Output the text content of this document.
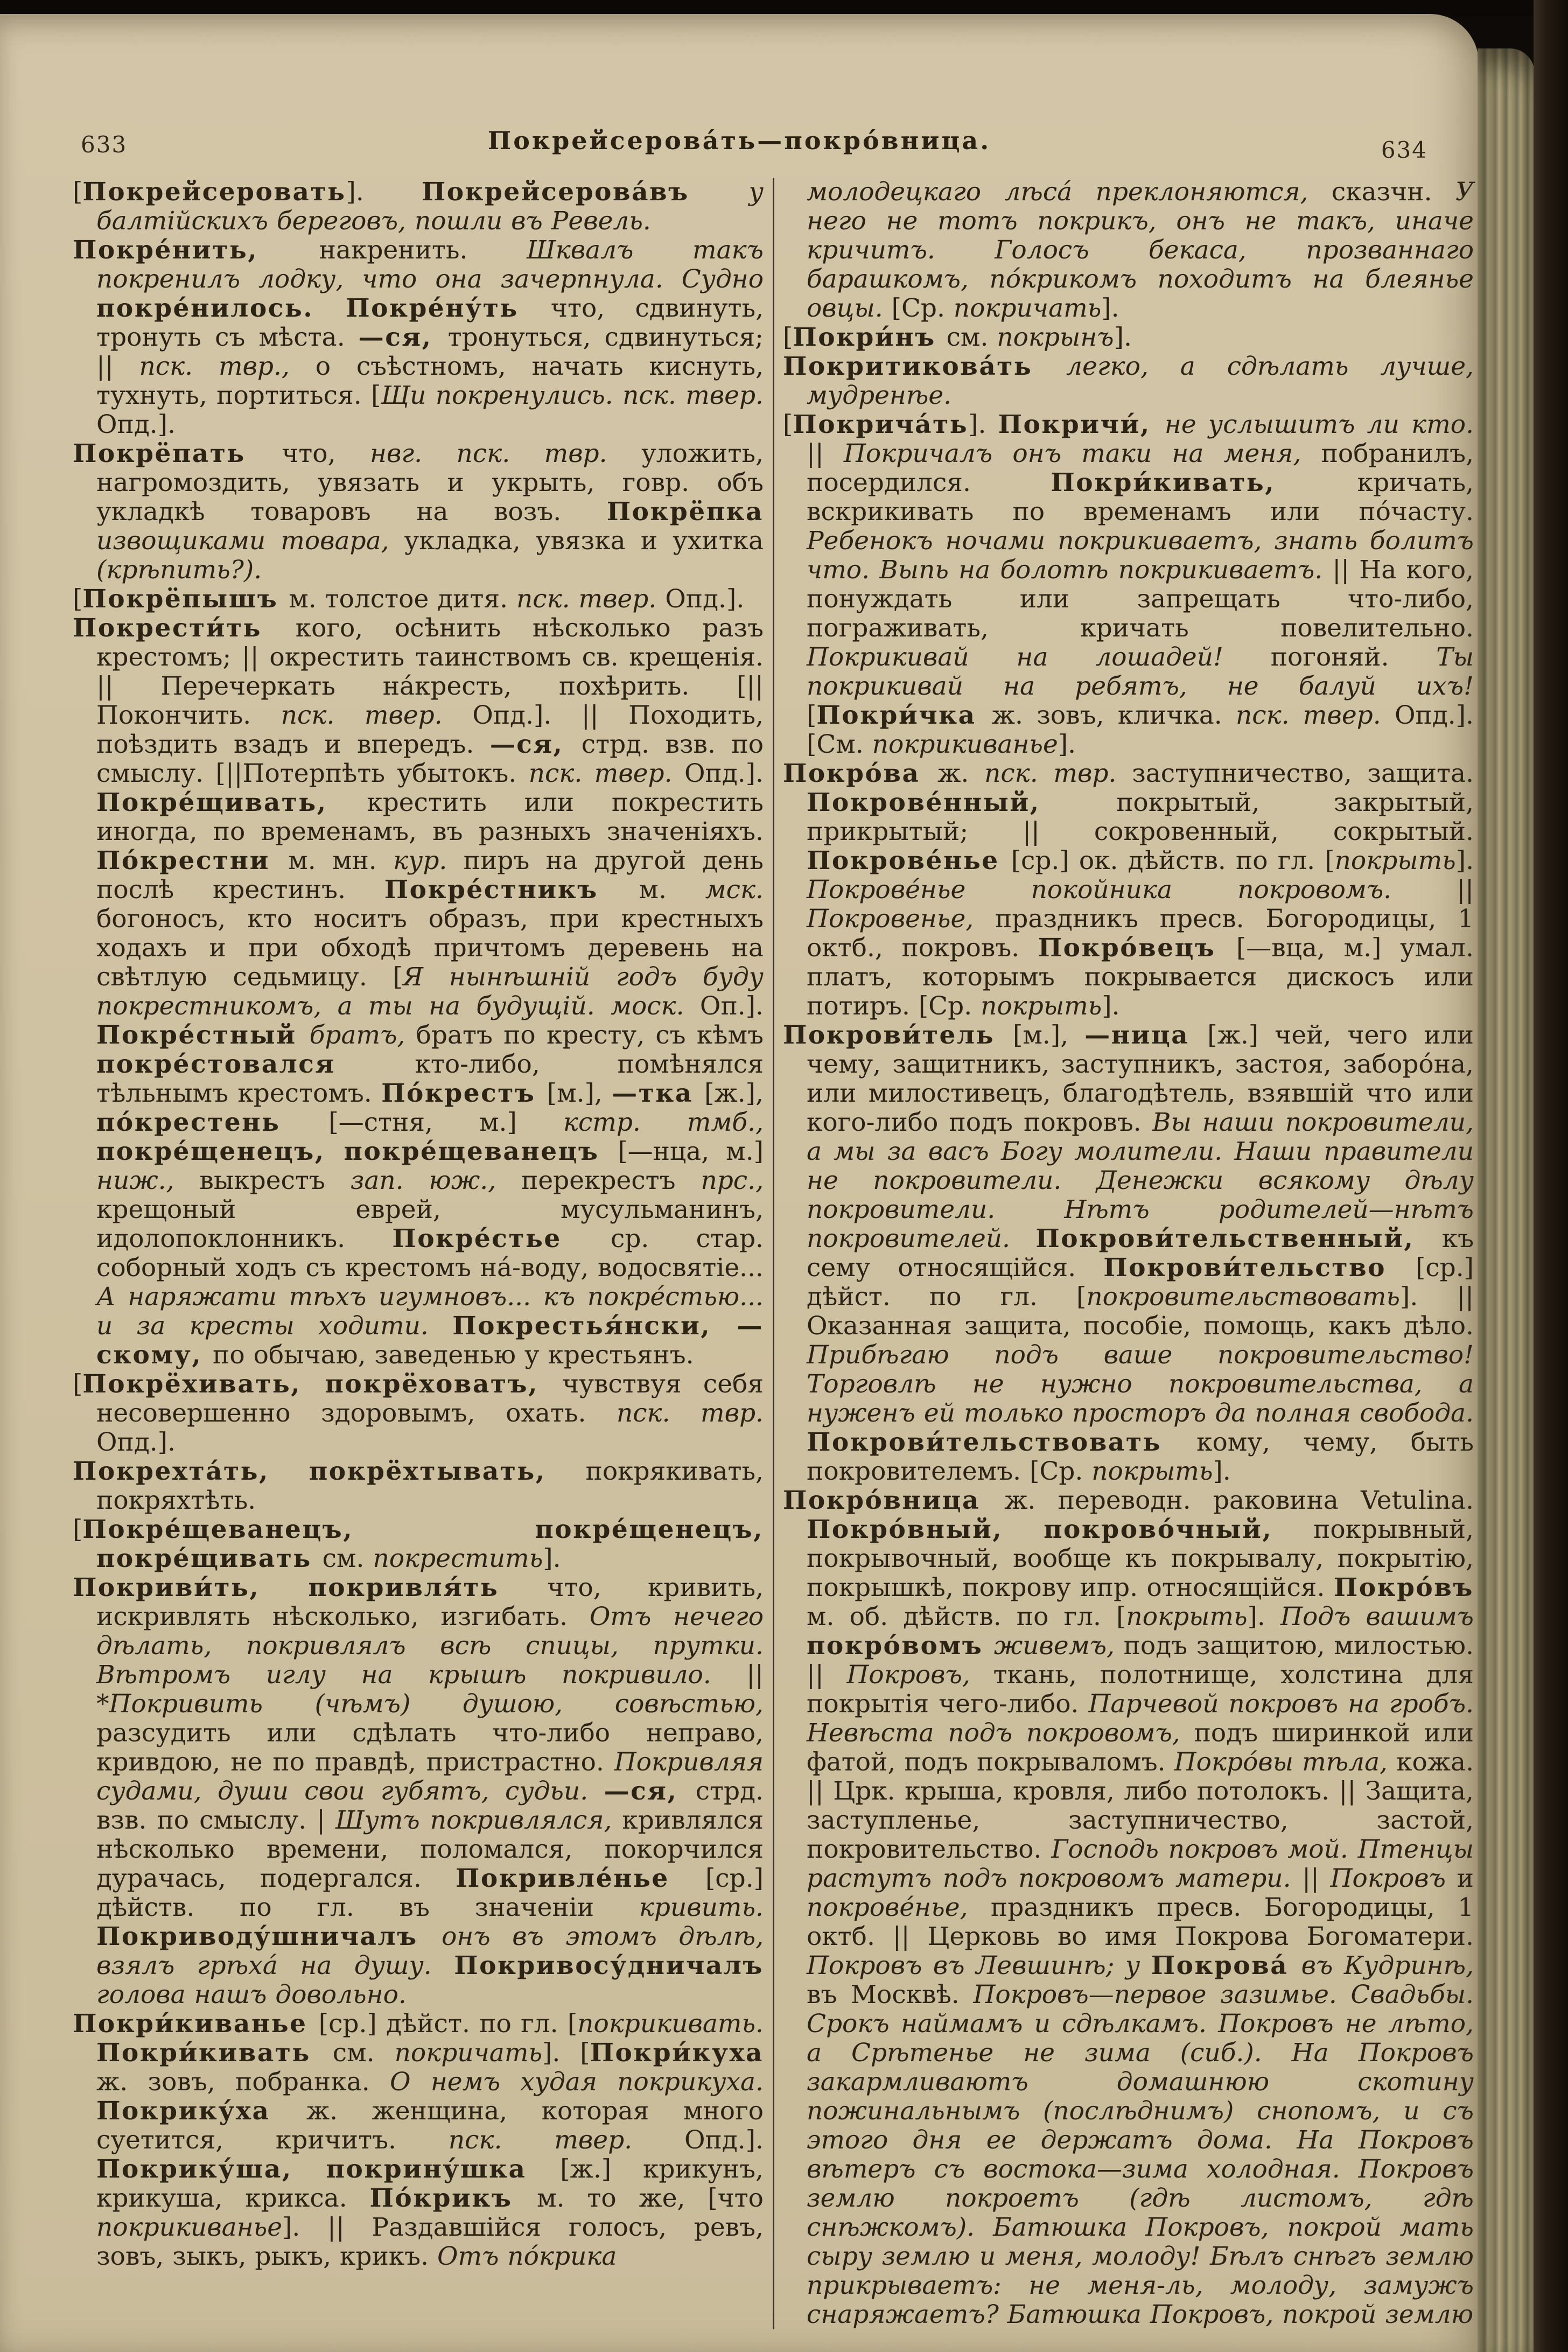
633	Покрейсерова́ть—покро́вница.	634

[Покрейсеровать]. Покрейсерова́въ у балтійскихъ береговъ, пошли въ Ревель.

Покре́нить, накренить. Шквалъ такъ покренилъ лодку, что она зачерпнула. Судно покре́нилось. Покре́ну́ть что, сдвинуть, тронуть съ мѣста. —ся, тронуться, сдвинуться; || пск. твр., о съѣстномъ, начать киснуть, тухнуть, портиться. [Щи покренулись. пск. твер. Опд.].

Покрёпать что, нвг. пск. твр. уложить, нагромоздить, увязать и укрыть, говр. объ укладкѣ товаровъ на возъ. Покрёпка извощиками товара, укладка, увязка и ухитка (крѣпить?).

[Покрёпышъ м. толстое дитя. пск. твер. Опд.].

Покрести́ть кого, осѣнить нѣсколько разъ крестомъ; || окрестить таинствомъ св. крещенія. || Перечеркать на́кресть, похѣрить. [||Покончить. пск. твер. Опд.]. || Походить, поѣздить взадъ и впередъ. —ся, стрд. взв. по смыслу. [||Потерпѣть убытокъ. пск. твер. Опд.]. Покре́щивать, крестить или покрестить иногда, по временамъ, въ разныхъ значеніяхъ. По́крестни м. мн. кур. пиръ на другой день послѣ крестинъ. Покре́стникъ м. мск. богоносъ, кто носитъ образъ, при крестныхъ ходахъ и при обходѣ причтомъ деревень на свѣтлую седьмицу. [Я нынѣшній годъ буду покрестникомъ, а ты на будущій. моск. Оп.]. Покре́стный братъ, братъ по кресту, съ кѣмъ покре́стовался кто-либо, помѣнялся тѣльнымъ крестомъ. По́крестъ [м.], —тка [ж.], по́крестень [—стня, м.] кстр. тмб., покре́щенецъ, покре́щеванецъ [—нца, м.] ниж., выкрестъ зап. юж., перекрестъ прс., крещоный еврей, мусульманинъ, идолопоклонникъ. Покре́стье ср. стар. соборный ходъ съ крестомъ на́-воду, водосвятіе... А наряжати тѣхъ игумновъ... къ покре́стью... и за кресты ходити. Покрестья́нски, —скому, по обычаю, заведенью у крестьянъ.

[Покрёхивать, покрёховатъ, чувствуя себя несовершенно здоровымъ, охать. пск. твр. Опд.].

Покрехта́ть, покрёхтывать, покрякивать, покряхтѣть.

[Покре́щеванецъ, покре́щенецъ, покре́щивать см. покрестить].

Покриви́ть, покривля́ть что, кривить, искривлять нѣсколько, изгибать. Отъ нечего дѣлать, покривлялъ всѣ спицы, прутки. Вѣтромъ иглу на крышѣ покривило. || *Покривить (чѣмъ) душою, совѣстью, разсудить или сдѣлать что-либо неправо, кривдою, не по правдѣ, пристрастно. Покривляя судами, души свои губятъ, судьи. —ся, стрд. взв. по смыслу. | Шутъ покривлялся, кривлялся нѣсколько времени, поломался, покорчился дурачась, подергался. Покривле́нье [ср.] дѣйств. по гл. въ значеніи кривить. Покриводу́шничалъ онъ въ этомъ дѣлѣ, взялъ грѣха́ на душу. Покривосу́дничалъ голова нашъ довольно.

Покри́киванье [ср.] дѣйст. по гл. [покрикивать. Покри́кивать см. покричать]. [Покри́куха ж. зовъ, побранка. О немъ худая покрикуха. Покрику́ха ж. женщина, которая много суетится, кричитъ. пск. твер. Опд.]. Покрику́ша, покрину́шка [ж.] крикунъ, крикуша, крикса. По́крикъ м. то же, [что покрикиванье]. || Раздавшійся голосъ, ревъ, зовъ, зыкъ, рыкъ, крикъ. Отъ по́крика

молодецкаго лѣса́ преклоняются, сказчн. У него не тотъ покрикъ, онъ не такъ, иначе кричитъ. Голосъ бекаса, прозваннаго барашкомъ, по́крикомъ походитъ на блеянье овцы. [Ср. покричать].

[Покри́нъ см. покрынъ].

Покритикова́ть легко, а сдѣлать лучше, мудренѣе.

[Покрича́ть]. Покричи́, не услышитъ ли кто. || Покричалъ онъ таки на меня, побранилъ, посердился. Покри́кивать, кричать, вскрикивать по временамъ или по́часту. Ребенокъ ночами покрикиваетъ, знать болитъ что. Выпь на болотѣ покрикиваетъ. || На кого, понуждать или запрещать что-либо, пограживать, кричать повелительно. Покрикивай на лошадей! погоняй. Ты покрикивай на ребятъ, не балуй ихъ! [Покри́чка ж. зовъ, кличка. пск. твер. Опд.]. [См. покрикиванье].

Покро́ва ж. пск. твр. заступничество, защита. Покрове́нный, покрытый, закрытый, прикрытый; || сокровенный, сокрытый. Покрове́нье [ср.] ок. дѣйств. по гл. [покрыть]. Покрове́нье покойника покровомъ. || Покровенье, праздникъ пресв. Богородицы, 1 октб., покровъ. Покро́вецъ [—вца, м.] умал. платъ, которымъ покрывается дискосъ или потиръ. [Ср. покрыть].

Покрови́тель [м.], —ница [ж.] чей, чего или чему, защитникъ, заступникъ, застоя, заборо́на, или милостивецъ, благодѣтель, взявшій что или кого-либо подъ покровъ. Вы наши покровители, а мы за васъ Богу молители. Наши правители не покровители. Денежки всякому дѣлу покровители. Нѣтъ родителей—нѣтъ покровителей. Покрови́тельственный, къ сему относящійся. Покрови́тельство [ср.] дѣйст. по гл. [покровительствовать]. || Оказанная защита, пособіе, помощь, какъ дѣло. Прибѣгаю подъ ваше покровительство! Торговлѣ не нужно покровительства, а нуженъ ей только просторъ да полная свобода. Покрови́тельствовать кому, чему, быть покровителемъ. [Ср. покрыть].

Покро́вница ж. переводн. раковина Vetulina. Покро́вный, покрово́чный, покрывный, покрывочный, вообще къ покрывалу, покрытію, покрышкѣ, покрову ипр. относящійся. Покро́въ м. об. дѣйств. по гл. [покрыть]. Подъ вашимъ покро́вомъ живемъ, подъ защитою, милостью. || Покровъ, ткань, полотнище, холстина для покрытія чего-либо. Парчевой покровъ на гробъ. Невѣста подъ покровомъ, подъ ширинкой или фатой, подъ покрываломъ. Покро́вы тѣла, кожа. || Црк. крыша, кровля, либо потолокъ. || Защита, заступленье, заступничество, застой, покровительство. Господь покровъ мой. Птенцы растутъ подъ покровомъ матери. || Покровъ и покрове́нье, праздникъ пресв. Богородицы, 1 октб. || Церковь во имя Покрова Богоматери. Покровъ въ Левшинѣ; у Покрова́ въ Кудринѣ, въ Москвѣ. Покровъ—первое зазимье. Свадьбы. Срокъ наймамъ и сдѣлкамъ. Покровъ не лѣто, а Срѣтенье не зима (сиб.). На Покровъ закармливаютъ домашнюю скотину пожинальнымъ (послѣднимъ) снопомъ, и съ этого дня ее держатъ дома. На Покровъ вѣтеръ съ востока—зима холодная. Покровъ землю покроетъ (гдѣ листомъ, гдѣ снѣжкомъ). Батюшка Покровъ, покрой мать сыру землю и меня, молоду! Бѣлъ снѣгъ землю прикрываетъ: не меня-ль, молоду, замужъ снаряжаетъ? Батюшка Покровъ, покрой землю
